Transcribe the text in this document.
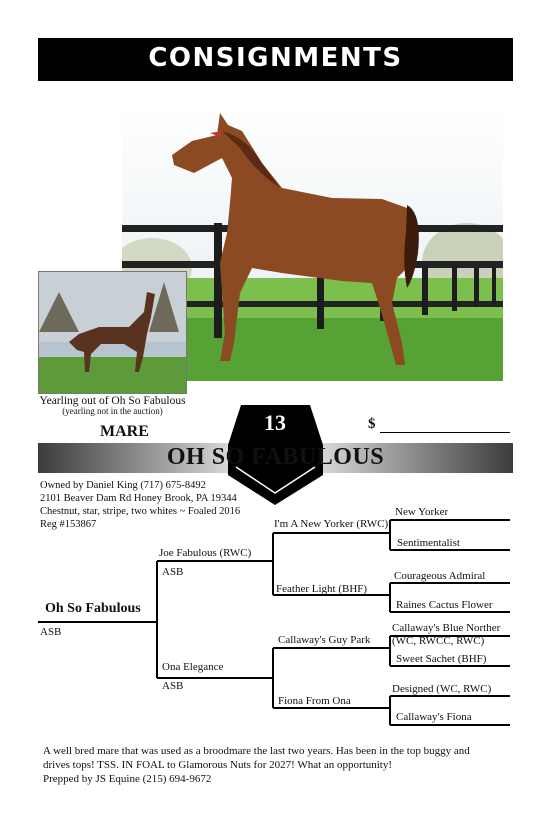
CONSIGNMENTS
Yearling out of Oh So Fabulous
(yearling not in the auction)
MARE	$
13
OH SO FABULOUS
Owned by Daniel King (717) 675-8492
2101 Beaver Dam Rd Honey Brook, PA 19344
Chestnut, star, stripe, two whites ~ Foaled 2016
Reg #153867
Oh So Fabulous
ASB
Joe Fabulous (RWC)
ASB
Ona Elegance
ASB
I'm A New Yorker (RWC)
Feather Light (BHF)
Callaway's Guy Park
Fiona From Ona
New Yorker
Sentimentalist
Courageous Admiral
Raines Cactus Flower
Callaway's Blue Norther
(WC, RWCC, RWC)
Sweet Sachet (BHF)
Designed (WC, RWC)
Callaway's Fiona
A well bred mare that was used as a broodmare the last two years. Has been in the top buggy and
drives tops! TSS. IN FOAL to Glamorous Nuts for 2027! What an opportunity!
Prepped by JS Equine (215) 694-9672
